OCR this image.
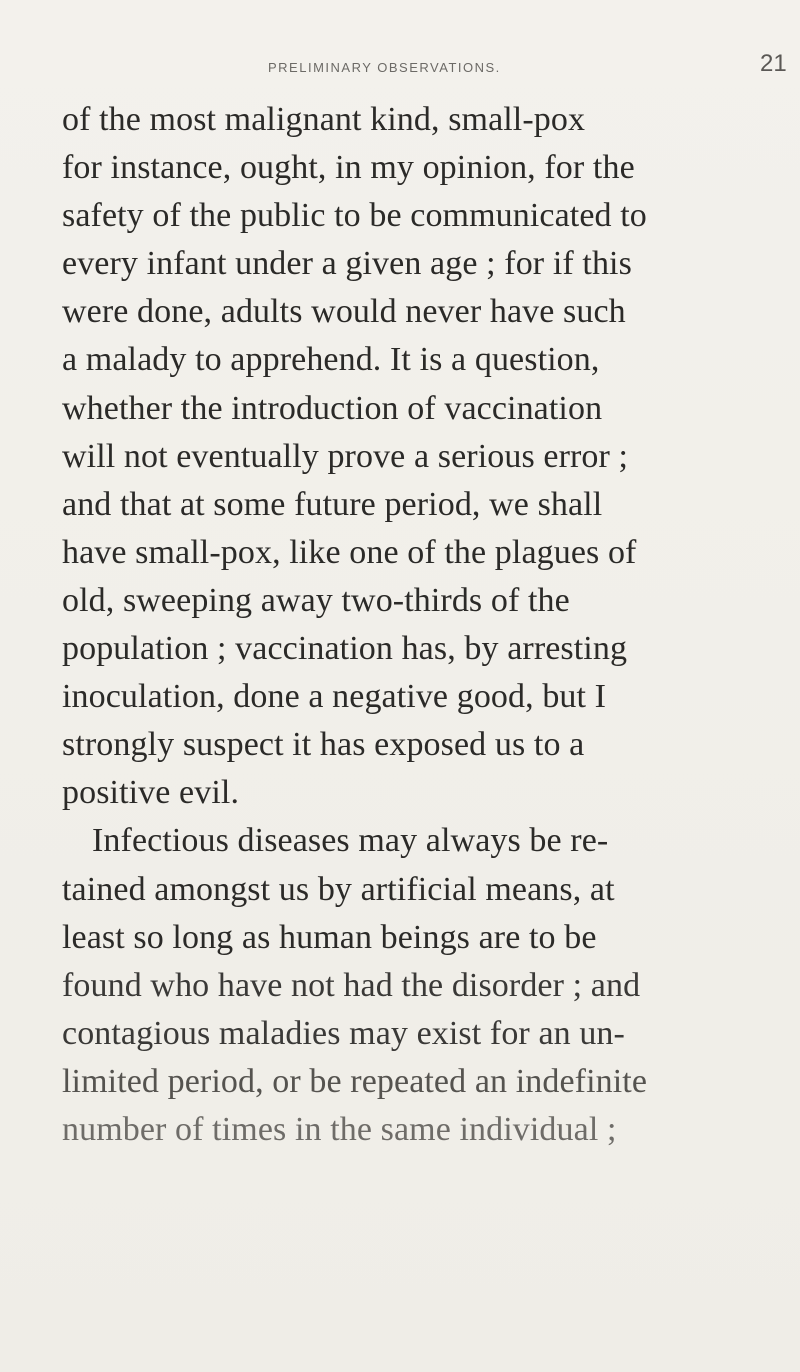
PRELIMINARY OBSERVATIONS.	21
of the most malignant kind, small-pox
for instance, ought, in my opinion, for the
safety of the public to be communicated to
every infant under a given age ; for if this
were done, adults would never have such
a malady to apprehend. It is a question,
whether the introduction of vaccination
will not eventually prove a serious error ;
and that at some future period, we shall
have small-pox, like one of the plagues of
old, sweeping away two-thirds of the
population ; vaccination has, by arresting
inoculation, done a negative good, but I
strongly suspect it has exposed us to a
positive evil.
Infectious diseases may always be re-
tained amongst us by artificial means, at
least so long as human beings are to be
found who have not had the disorder ; and
contagious maladies may exist for an un-
limited period, or be repeated an indefinite
number of times in the same individual ;
